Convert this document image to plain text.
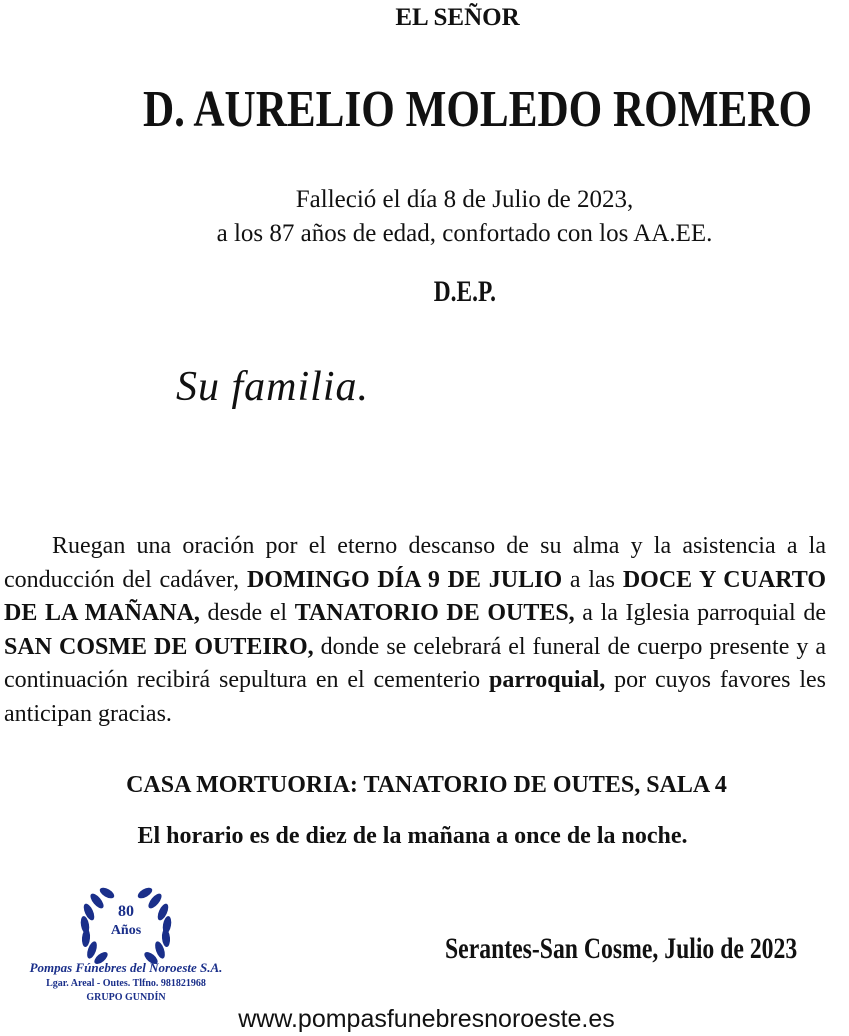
EL SEÑOR
D. AURELIO MOLEDO ROMERO
Falleció el día 8 de Julio de 2023,
a los 87 años de edad, confortado con los AA.EE.
D.E.P.
Su familia.
Ruegan una oración por el eterno descanso de su alma y la asistencia a la conducción del cadáver, DOMINGO DÍA 9 DE JULIO a las DOCE Y CUARTO DE LA MAÑANA, desde el TANATORIO DE OUTES, a la Iglesia parroquial de SAN COSME DE OUTEIRO, donde se celebrará el funeral de cuerpo presente y a continuación recibirá sepultura en el cementerio parroquial, por cuyos favores les anticipan gracias.
CASA MORTUORIA: TANATORIO DE OUTES, SALA 4
El horario es de diez de la mañana a once de la noche.
80
Años
Pompas Fúnebres del Noroeste S.A.
Lgar. Areal - Outes. Tlfno. 981821968
GRUPO GUNDÍN
Serantes-San Cosme, Julio de 2023
www.pompasfunebresnoroeste.es
